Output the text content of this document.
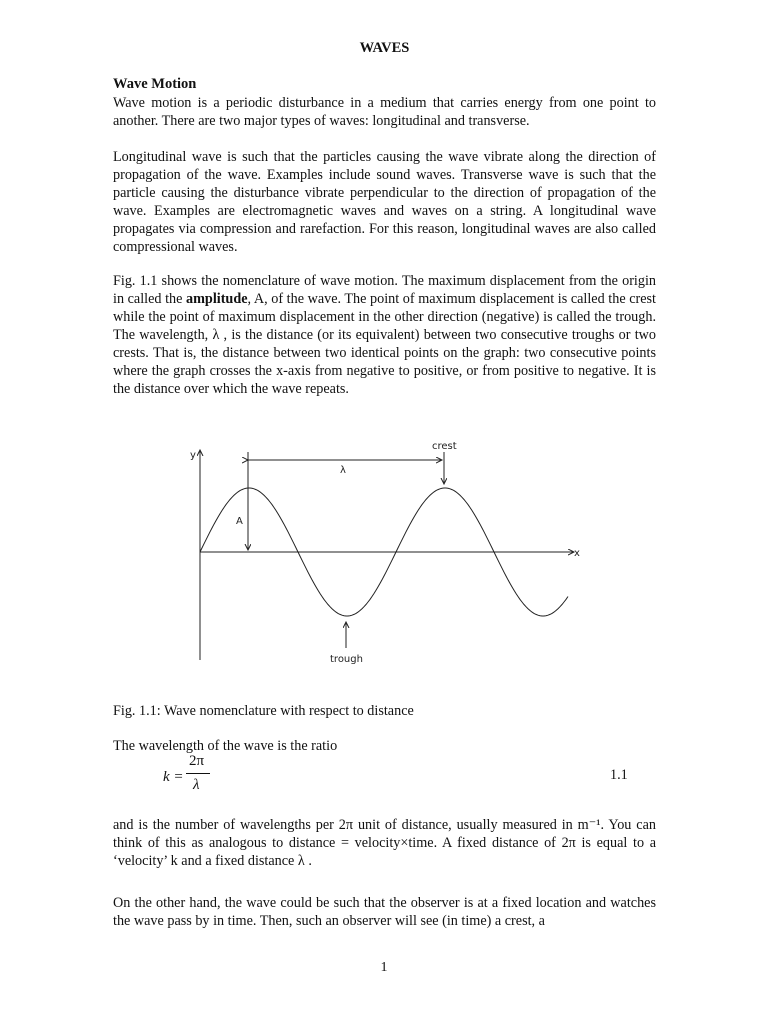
WAVES
Wave Motion

Wave motion is a periodic disturbance in a medium that carries energy from one point to another. There are two major types of waves: longitudinal and transverse.

Longitudinal wave is such that the particles causing the wave vibrate along the direction of propagation of the wave. Examples include sound waves. Transverse wave is such that the particle causing the disturbance vibrate perpendicular to the direction of propagation of the wave. Examples are electromagnetic waves and waves on a string. A longitudinal wave propagates via compression and rarefaction. For this reason, longitudinal waves are also called compressional waves.

Fig. 1.1 shows the nomenclature of wave motion. The maximum displacement from the origin in called the amplitude, A, of the wave. The point of maximum displacement is called the crest while the point of maximum displacement in the other direction (negative) is called the trough. The wavelength, λ , is the distance (or its equivalent) between two consecutive troughs or two crests. That is, the distance between two identical points on the graph: two consecutive points where the graph crosses the x-axis from negative to positive, or from positive to negative. It is the distance over which the wave repeats.

y
x
λ
crest
A
trough
Fig. 1.1: Wave nomenclature with respect to distance
The wavelength of the wave is the ratio
k =
2π
λ
1.1

and is the number of wavelengths per 2π unit of distance, usually measured in m⁻¹. You can think of this as analogous to distance = velocity×time. A fixed distance of 2π is equal to a ‘velocity’ k and a fixed distance λ .

On the other hand, the wave could be such that the observer is at a fixed location and watches the wave pass by in time. Then, such an observer will see (in time) a crest, a

1
